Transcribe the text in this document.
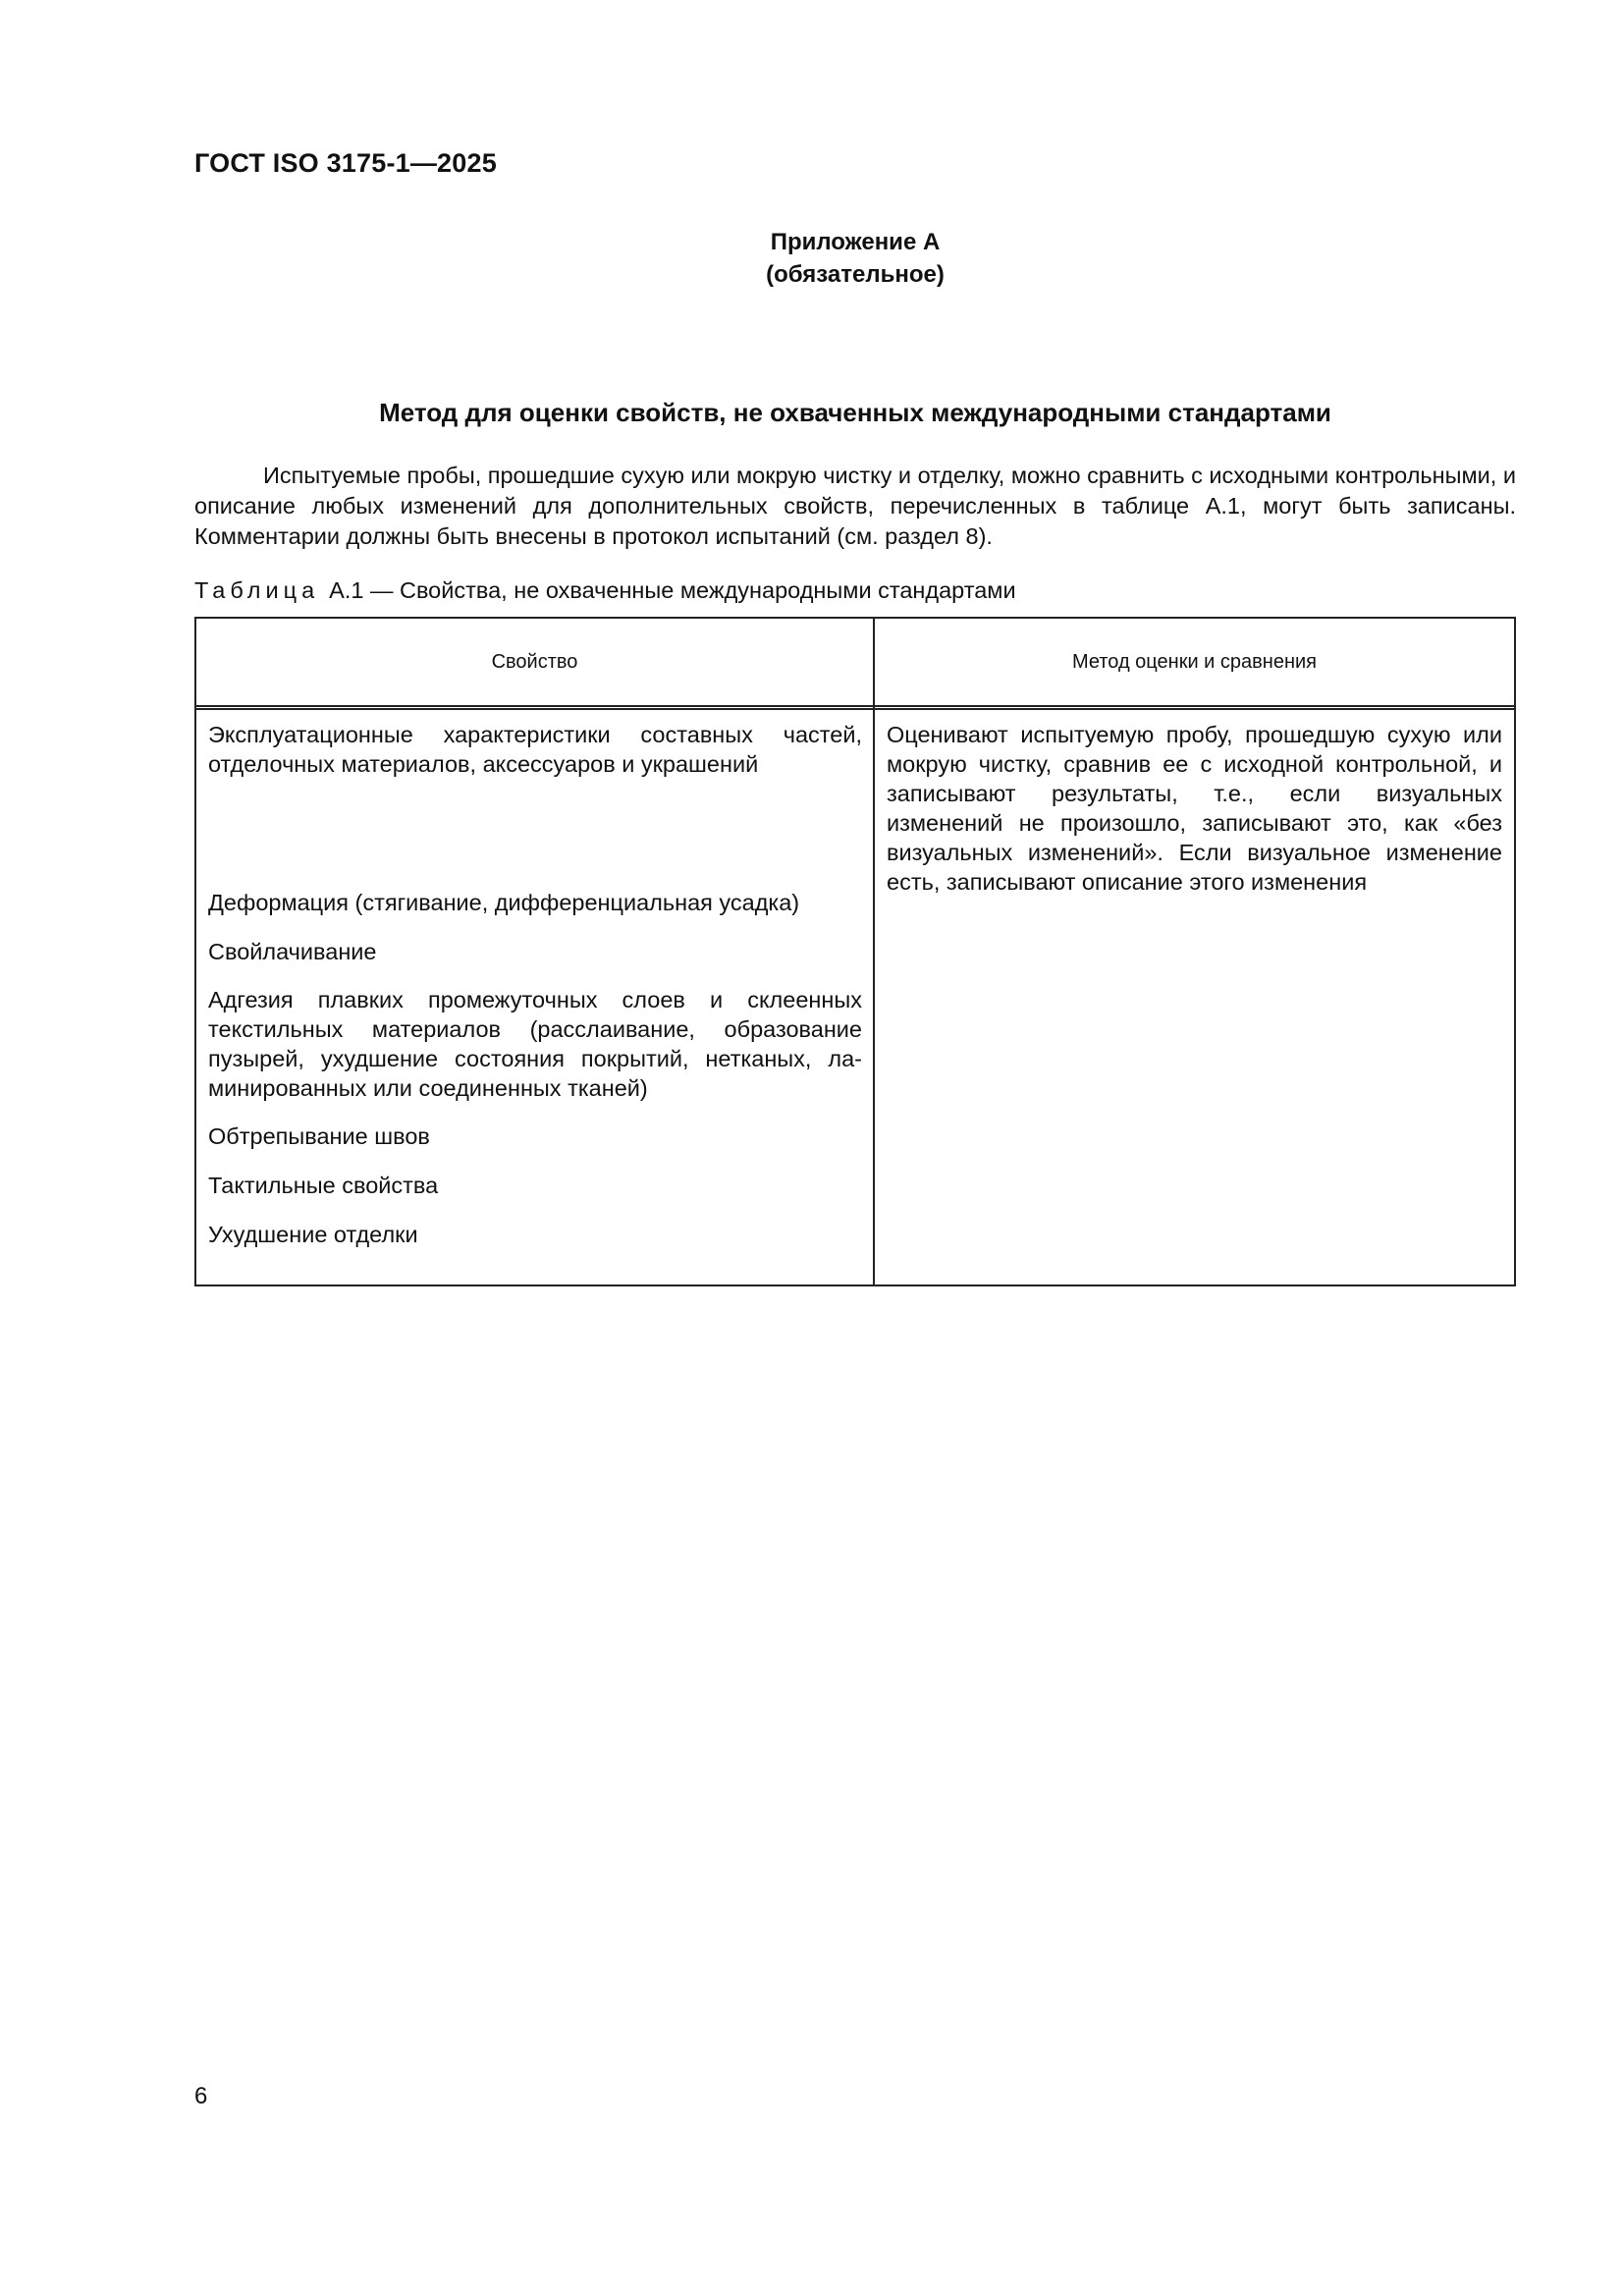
ГОСТ ISO 3175-1—2025
Приложение А
(обязательное)
Метод для оценки свойств, не охваченных международными стандартами

Испытуемые пробы, прошедшие сухую или мокрую чистку и отделку, можно сравнить с исходными контрольными, и описание любых изменений для дополнительных свойств, перечисленных в таблице А.1, могут быть записаны. Комментарии должны быть внесены в протокол испытаний (см. раздел 8).

Таблица А.1 — Свойства, не охваченные международными стандартами
Свойство	Метод оценки и сравнения

Эксплуатационные характеристики составных частей, отделочных материалов, аксессуаров и украшений

Деформация (стягивание, дифференциальная усадка)

Свойлачивание

Адгезия плавких промежуточных слоев и склеенных текстильных материалов (расслаивание, образование пузырей, ухудшение состояния покрытий, нетканых, ламинированных или соединенных тканей)

Обтрепывание швов

Тактильные свойства

Ухудшение отделки

Оценивают испытуемую пробу, прошедшую сухую или мокрую чистку, сравнив ее с исходной контрольной, и записывают результаты, т.е., если визуальных изменений не произошло, записывают это, как «без визуальных изменений». Если визуальное изменение есть, записывают описание этого изменения
6
